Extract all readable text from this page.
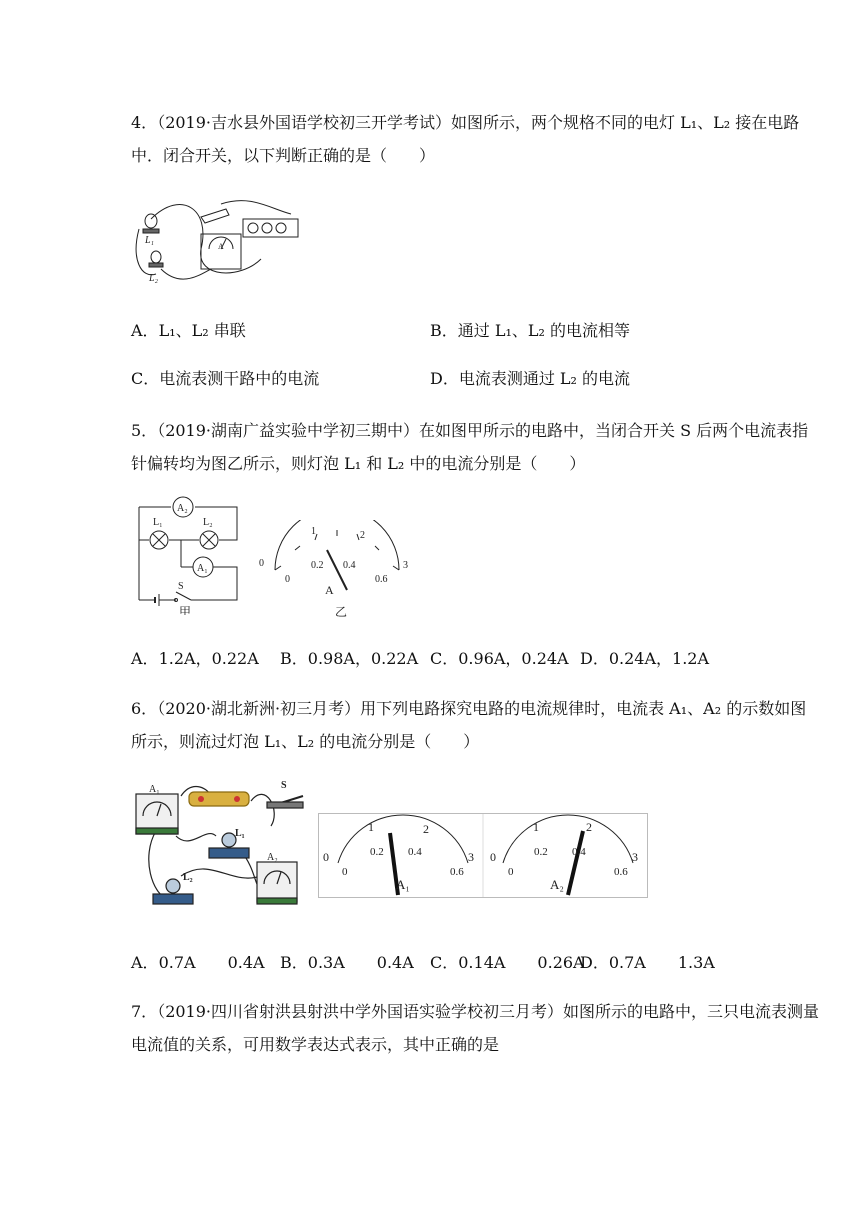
4．（2019·吉水县外国语学校初三开学考试）如图所示，两个规格不同的电灯 L₁、L₂ 接在电路中．闭合开关，以下判断正确的是（　　）
L₁
L₂
A
A．L₁、L₂ 串联	B．通过 L₁、L₂ 的电流相等
C．电流表测干路中的电流	D．电流表测通过 L₂ 的电流
5．（2019·湖南广益实验中学初三期中）在如图甲所示的电路中，当闭合开关 S 后两个电流表指针偏转均为图乙所示，则灯泡 L₁ 和 L₂ 中的电流分别是（　　）
A₂
L₁	L₂
A₁
S
甲
0
1	2
3
0
0.2 0.4
0.6
A
乙
A．1.2A，0.22A B．0.98A，0.22A C．0.96A，0.24A D．0.24A，1.2A
6．（2020·湖北新洲·初三月考）用下列电路探究电路的电流规律时，电流表 A₁、A₂ 的示数如图所示，则流过灯泡 L₁、L₂ 的电流分别是（　　）
A₁
L₁
L₂
S
A₂	0
1	2
3
0
0.2 0.4
0.6
A₁
0
1	2
3
0
0.2 0.4
0.6
A₂
A．0.7A　　0.4A B．0.3A　　0.4A C．0.14A　　0.26A
D．0.7A　　1.3A
7．（2019·四川省射洪县射洪中学外国语实验学校初三月考）如图所示的电路中，三只电流表测量电流值的关系，可用数学表达式表示，其中正确的是
